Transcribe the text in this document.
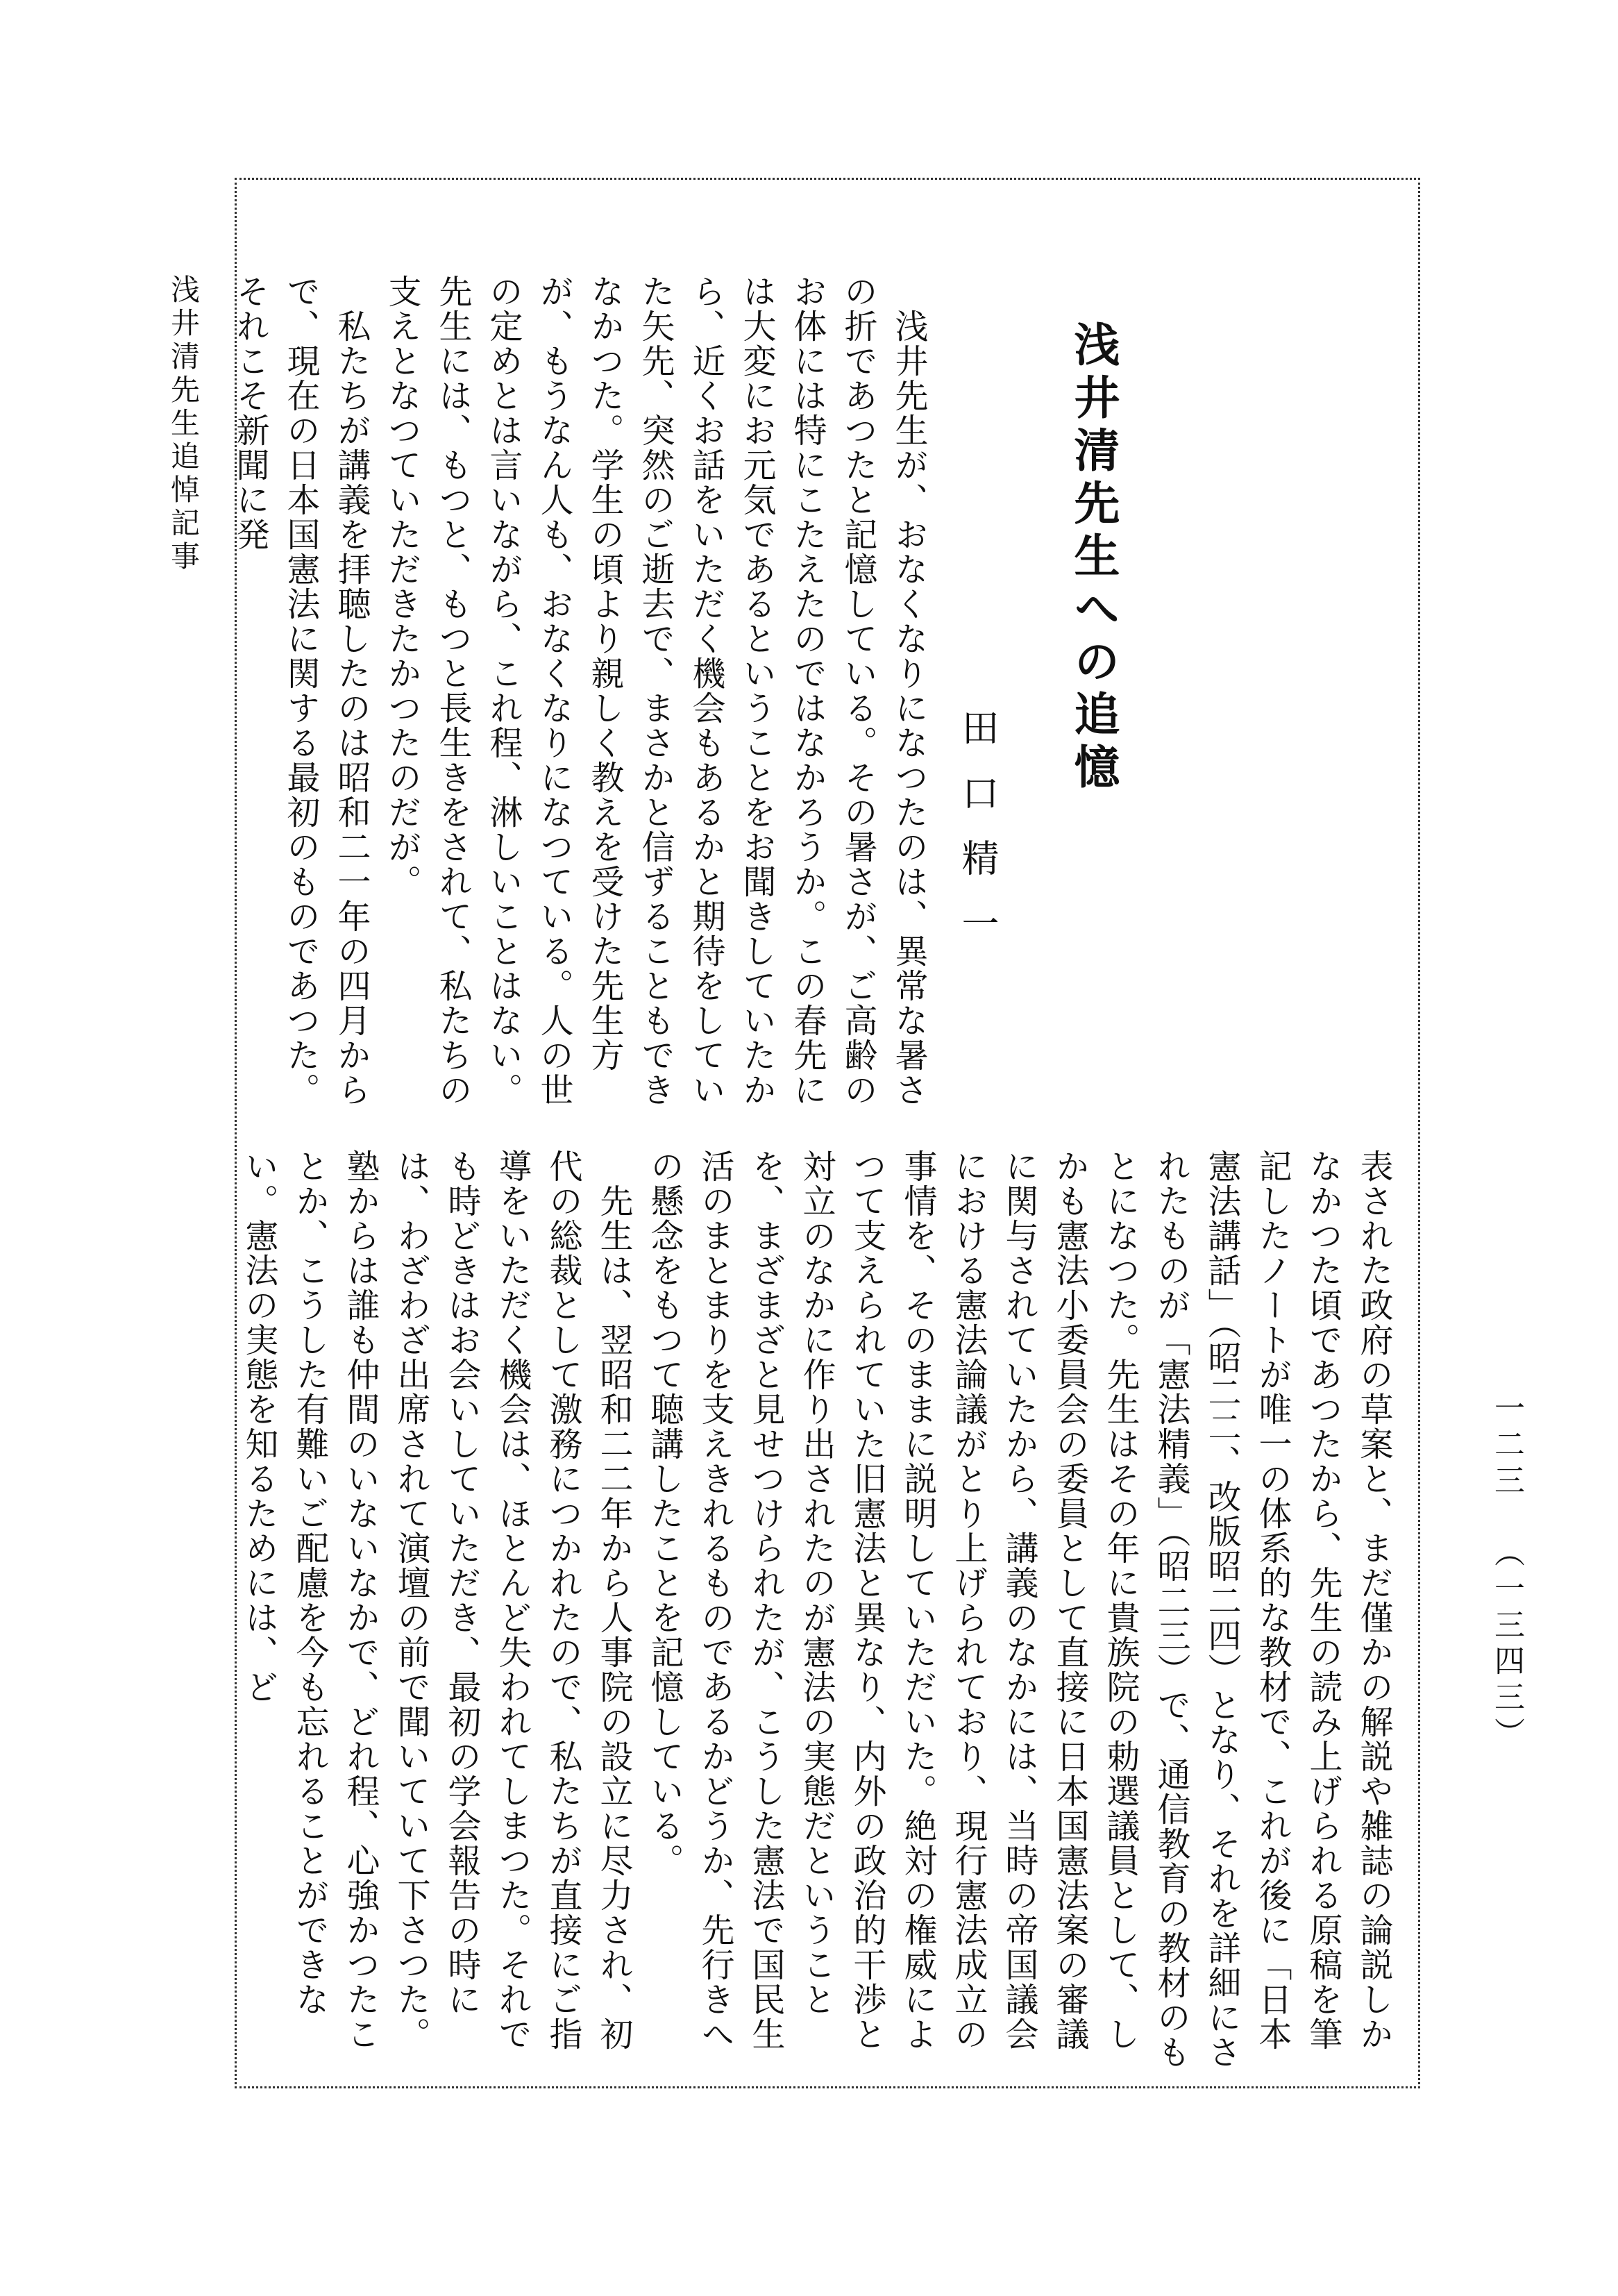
浅井清先生追悼記事
一二三　（一三四三）
浅井清先生への追憶
田口精一

浅井先生が、おなくなりになつたのは、異常な暑さの折であつたと記憶している。その暑さが、ご高齢のお体には特にこたえたのではなかろうか。この春先には大変にお元気であるということをお聞きしていたから、近くお話をいただく機会もあるかと期待をしていた矢先、突然のご逝去で、まさかと信ずることもできなかつた。学生の頃より親しく教えを受けた先生方が、もうなん人も、おなくなりになつている。人の世の定めとは言いながら、これ程、淋しいことはない。先生には、もつと、もつと長生きをされて、私たちの支えとなつていただきたかつたのだが。

私たちが講義を拝聴したのは昭和二一年の四月からで、現在の日本国憲法に関する最初のものであつた。それこそ新聞に発

表された政府の草案と、まだ僅かの解説や雑誌の論説しかなかつた頃であつたから、先生の読み上げられる原稿を筆記したノートが唯一の体系的な教材で、これが後に「日本憲法講話」（昭二二、改版昭二四）となり、それを詳細にされたものが「憲法精義」（昭二三）で、通信教育の教材のもとになつた。先生はその年に貴族院の勅選議員として、しかも憲法小委員会の委員として直接に日本国憲法案の審議に関与されていたから、講義のなかには、当時の帝国議会における憲法論議がとり上げられており、現行憲法成立の事情を、そのままに説明していただいた。絶対の権威によつて支えられていた旧憲法と異なり、内外の政治的干渉と対立のなかに作り出されたのが憲法の実態だということを、まざまざと見せつけられたが、こうした憲法で国民生活のまとまりを支えきれるものであるかどうか、先行きへの懸念をもつて聴講したことを記憶している。

先生は、翌昭和二二年から人事院の設立に尽力され、初代の総裁として激務につかれたので、私たちが直接にご指導をいただく機会は、ほとんど失われてしまつた。それでも時どきはお会いしていただき、最初の学会報告の時には、わざわざ出席されて演壇の前で聞いていて下さつた。塾からは誰も仲間のいないなかで、どれ程、心強かつたことか、こうした有難いご配慮を今も忘れることができない。憲法の実態を知るためには、ど
